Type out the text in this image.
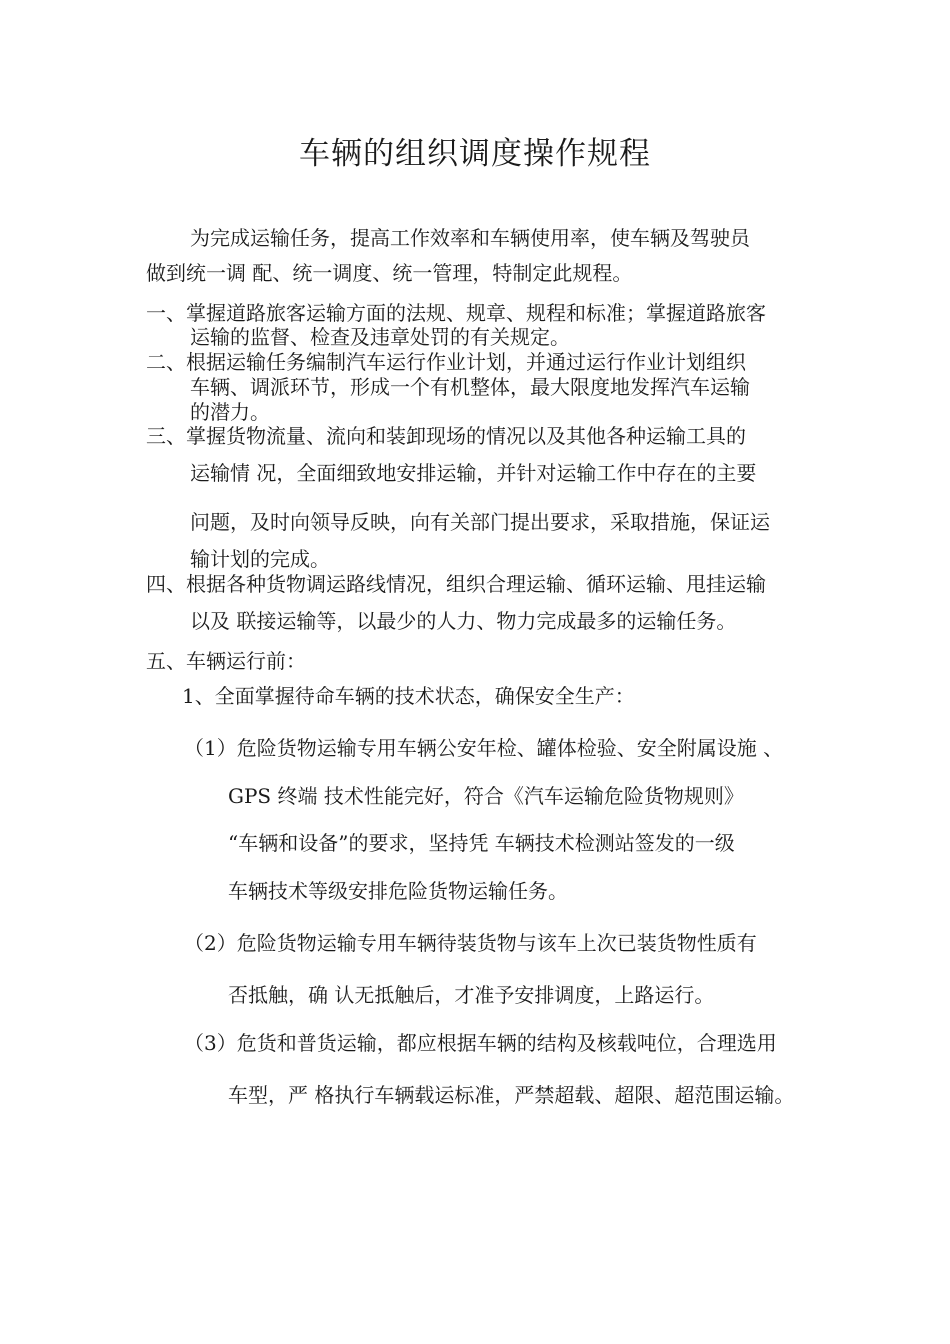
车辆的组织调度操作规程
为完成运输任务，提高工作效率和车辆使用率，使车辆及驾驶员
做到统一调 配、统一调度、统一管理，特制定此规程。
一、掌握道路旅客运输方面的法规、规章、规程和标准；掌握道路旅客
运输的监督、检查及违章处罚的有关规定。
二、根据运输任务编制汽车运行作业计划，并通过运行作业计划组织
车辆、调派环节，形成一个有机整体，最大限度地发挥汽车运输
的潜力。
三、掌握货物流量、流向和装卸现场的情况以及其他各种运输工具的
运输情 况，全面细致地安排运输，并针对运输工作中存在的主要
问题，及时向领导反映，向有关部门提出要求，采取措施，保证运
输计划的完成。
四、根据各种货物调运路线情况，组织合理运输、循环运输、甩挂运输
以及 联接运输等，以最少的人力、物力完成最多的运输任务。
五、车辆运行前：
1、全面掌握待命车辆的技术状态，确保安全生产：
（1）危险货物运输专用车辆公安年检、罐体检验、安全附属设施 、
GPS 终端 技术性能完好，符合《汽车运输危险货物规则》
“车辆和设备”的要求，坚持凭 车辆技术检测站签发的一级
车辆技术等级安排危险货物运输任务。
（2）危险货物运输专用车辆待装货物与该车上次已装货物性质有
否抵触，确 认无抵触后，才准予安排调度，上路运行。
（3）危货和普货运输，都应根据车辆的结构及核载吨位，合理选用
车型，严 格执行车辆载运标准，严禁超载、超限、超范围运输。
